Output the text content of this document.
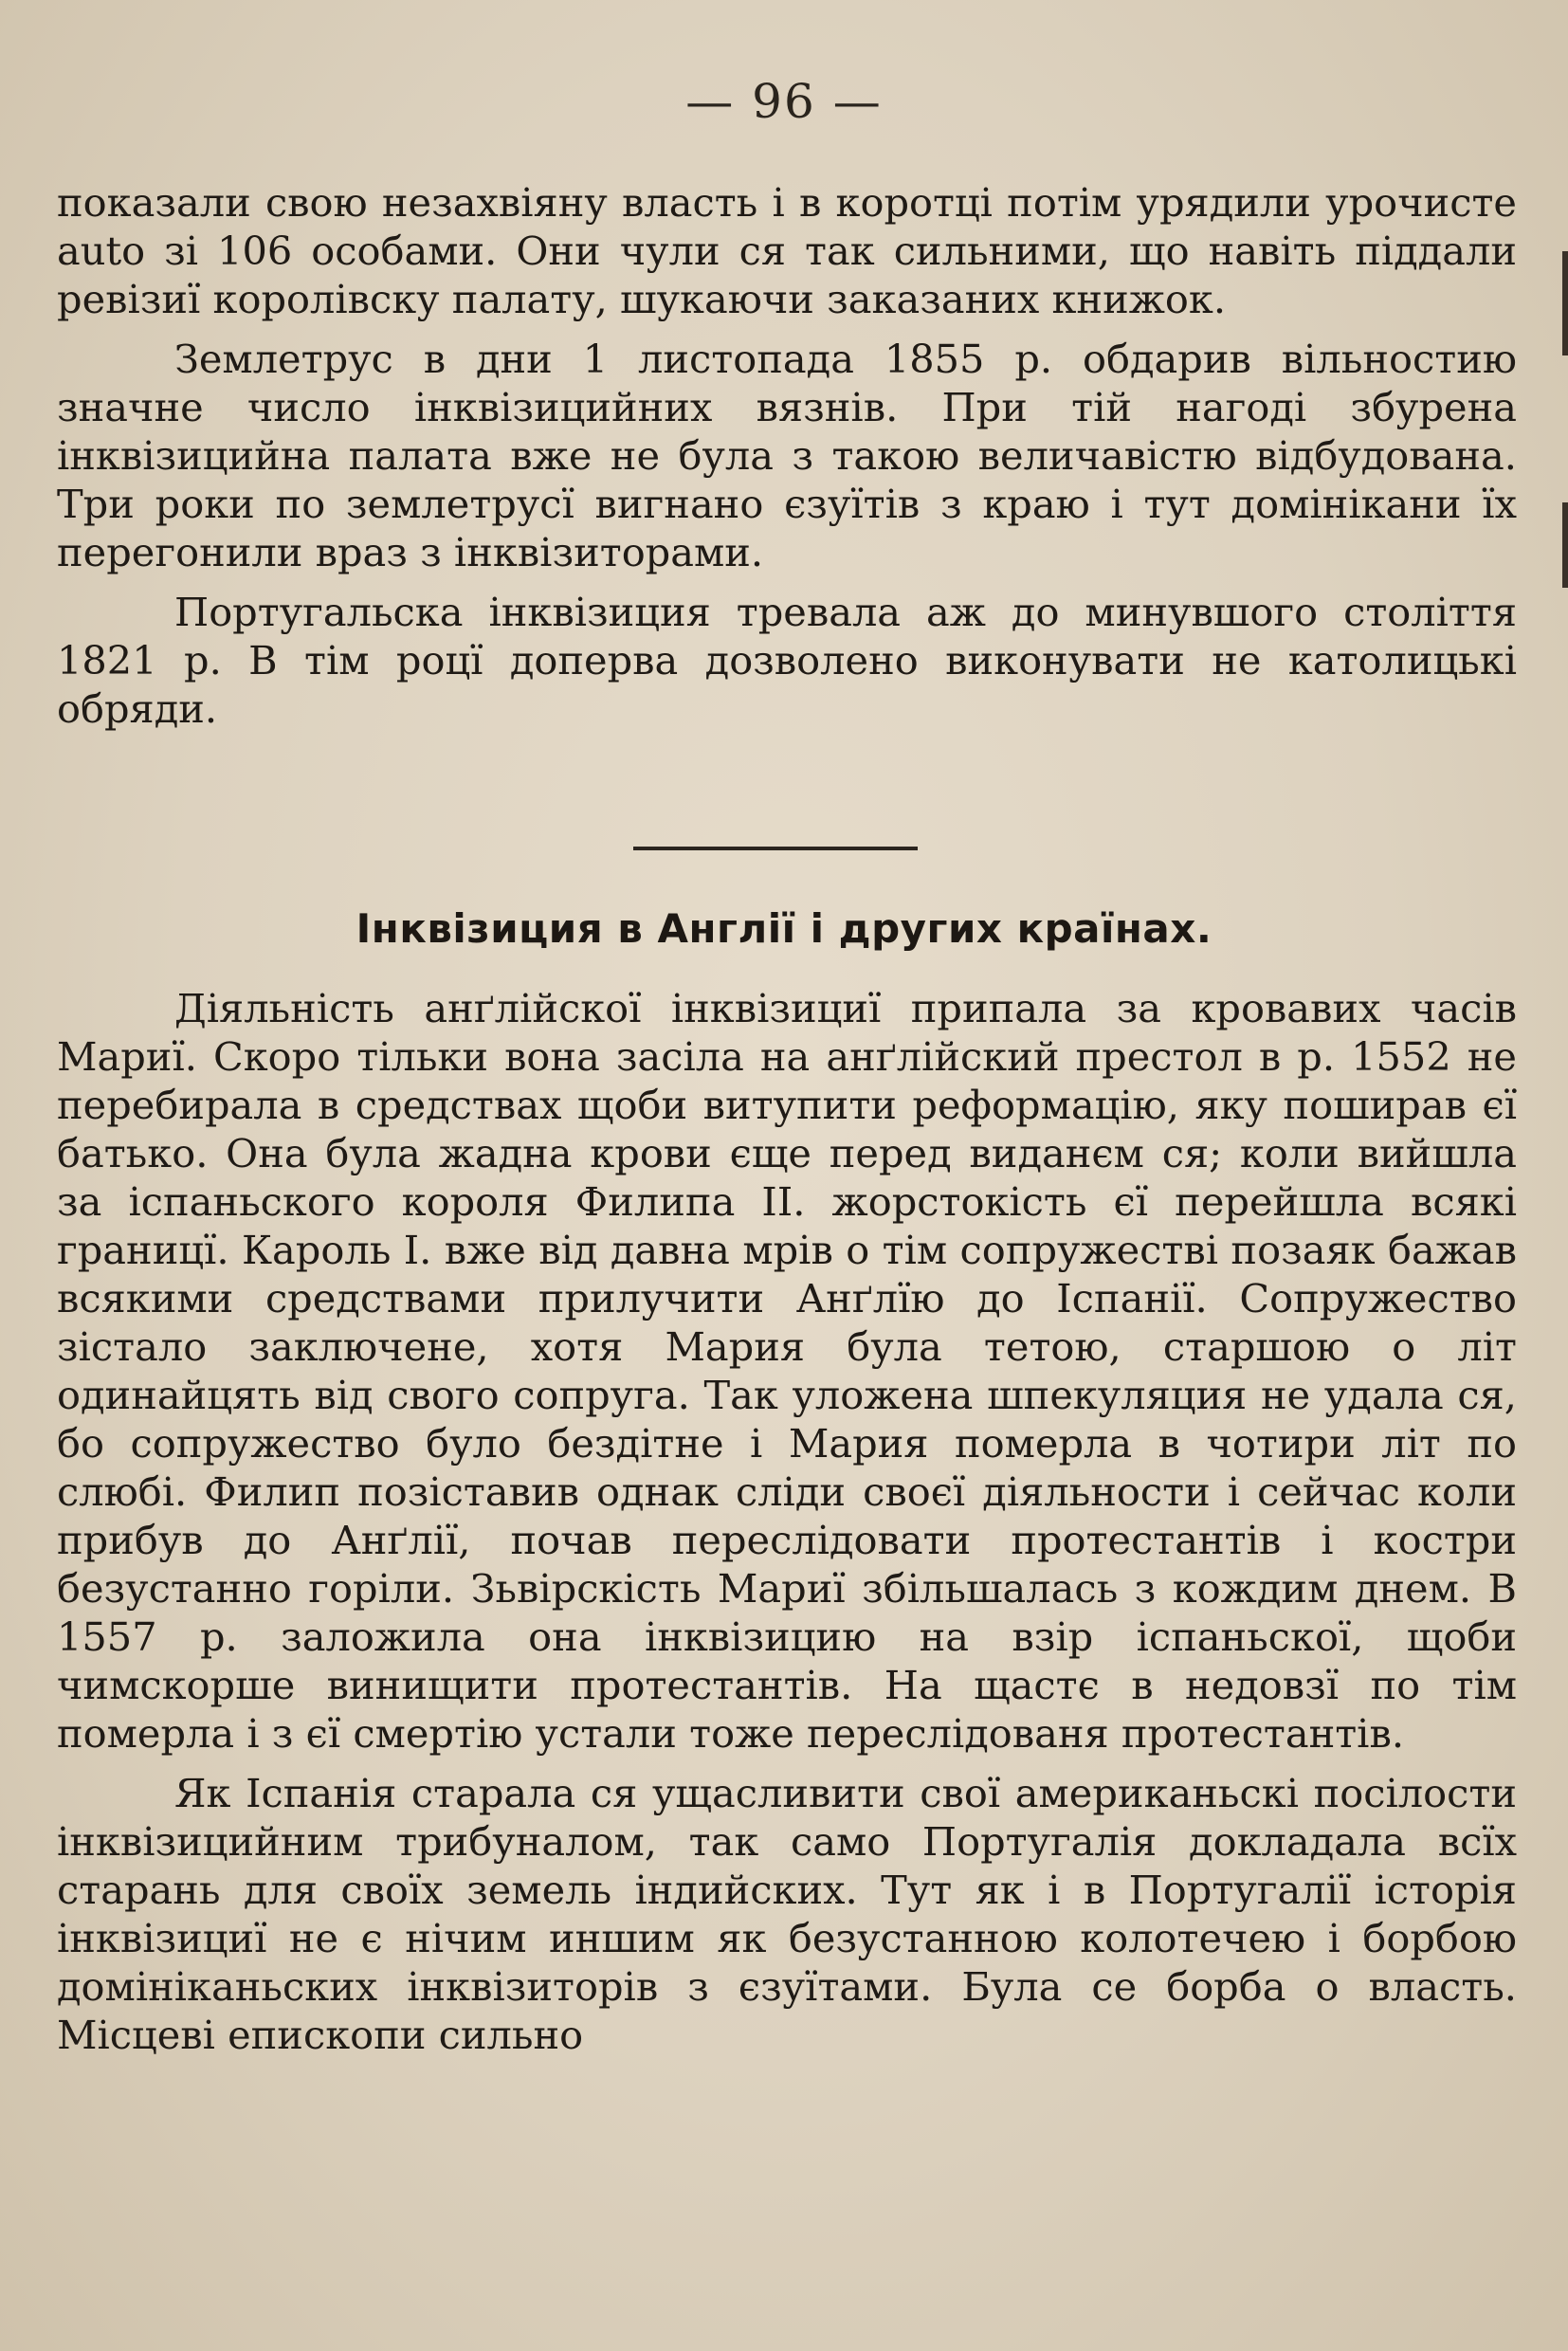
— 96 —

показали свою незахвіяну власть і в коротці потім урядили урочисте auto зі 106 особами. Они чули ся так сильними, що навіть піддали ревізиї королівску палату, шукаючи заказаних книжок.

Землетрус в дни 1 листопада 1855 р. обдарив вільностию значне число інквізицийних вязнів. При тій нагоді збурена інквізицийна палата вже не була з такою величавістю відбудована. Три роки по землетрусї вигнано єзуїтів з краю і тут домінікани їх перегонили враз з інквізиторами.

Португальска інквізиция тревала аж до минувшого століття 1821 р. В тім роцї доперва дозволено виконувати не католицькі обряди.

Інквізиция в Англії і других країнах.

Діяльність анґлійскої інквізициї припала за кровавих часів Мариї. Скоро тільки вона засіла на анґлійский престол в р. 1552 не перебирала в средствах щоби витупити реформацію, яку поширав єї батько. Она була жадна крови єще перед виданєм ся; коли вийшла за іспаньского короля Филипа II. жорстокість єї перейшла всякі границї. Кароль I. вже від давна мрів о тім сопружестві позаяк бажав всякими средствами прилучити Анґлїю до Іспанії. Сопружество зістало заключене, хотя Мария була тетою, старшою о літ одинайцять від свого сопруга. Так уложена шпекуляция не удала ся, бо сопружество було бездітне і Мария померла в чотири літ по слюбі. Филип позіставив однак сліди своєї діяльности і сейчас коли прибув до Анґлії, почав переслідовати протестантів і костри безустанно горіли. Зьвірскість Мариї збільшалась з кождим днем. В 1557 р. заложила она інквізицию на взір іспаньскої, щоби чимскорше винищити протестантів. На щастє в недовзї по тім померла і з єї смертію устали тоже переслідованя протестантів.

Як Іспанія старала ся ущасливити свої американьскі посілости інквізицийним трибуналом, так само Португалія докладала всїх старань для своїх земель індийских. Тут як і в Португалії історія інквізициї не є нічим иншим як безустанною колотечею і борбою домініканьских інквізиторів з єзуїтами. Була се борба о власть. Місцеві епископи сильно
